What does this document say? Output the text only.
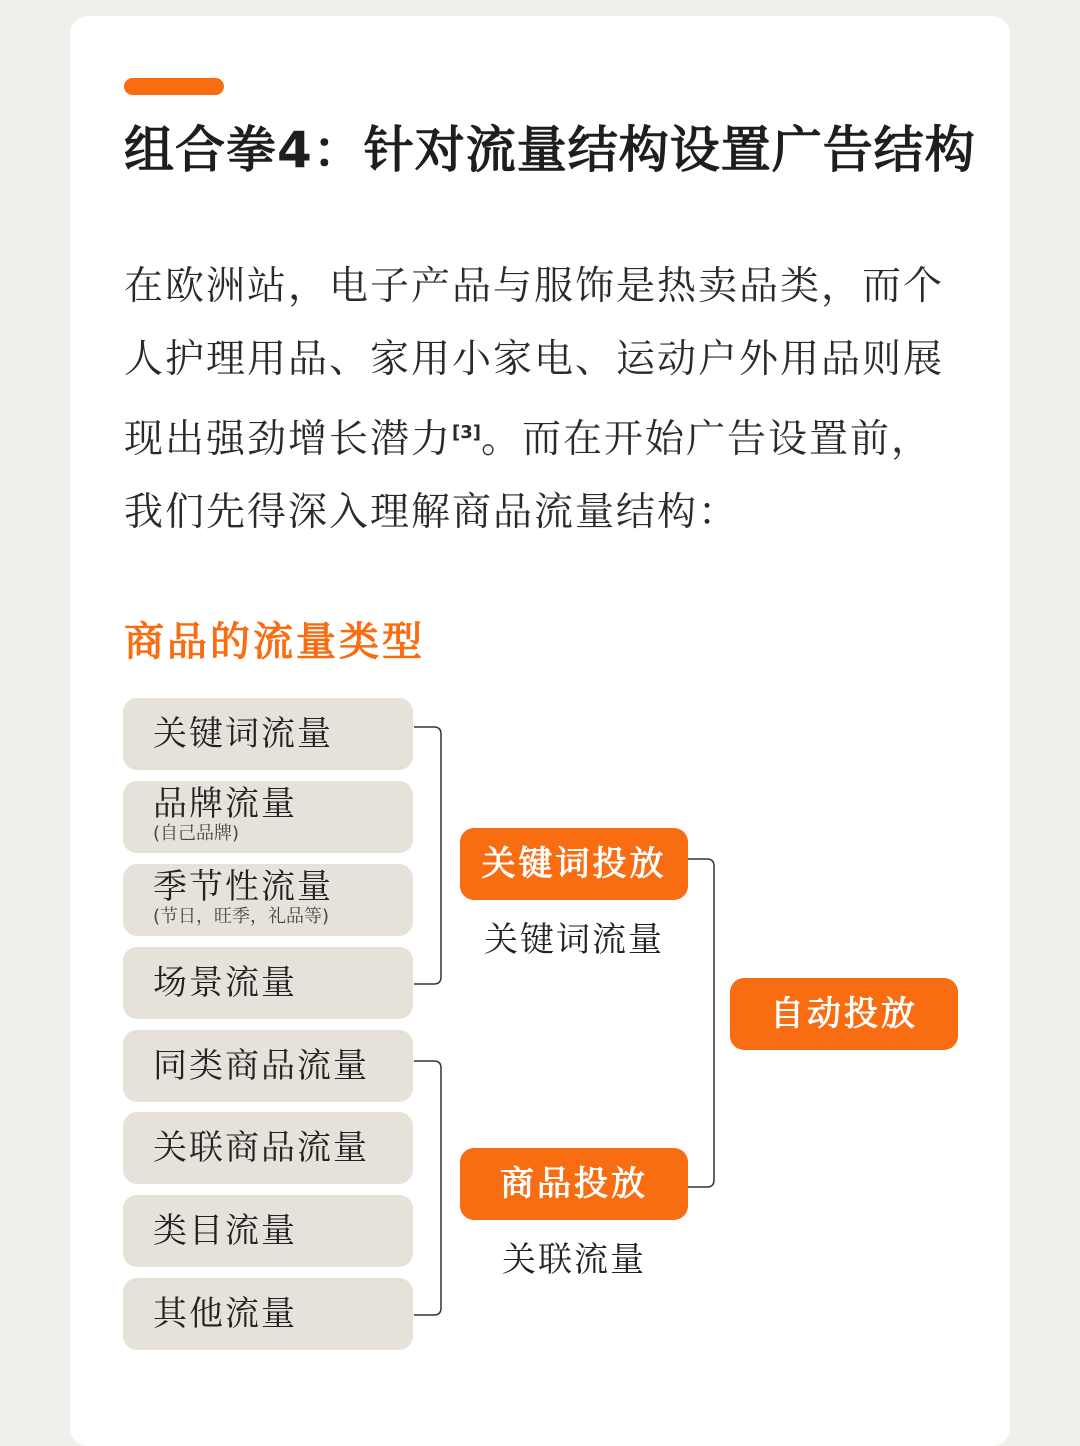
组合拳4：针对流量结构设置广告结构
在欧洲站，电子产品与服饰是热卖品类，而个人护理用品、家用小家电、运动户外用品则展现出强劲增长潜力[3]。而在开始广告设置前，我们先得深入理解商品流量结构：
商品的流量类型
关键词流量
品牌流量
(自己品牌)
季节性流量
(节日，旺季，礼品等)
场景流量
同类商品流量
关联商品流量
类目流量
其他流量
关键词投放
关键词流量
商品投放
关联流量
自动投放
